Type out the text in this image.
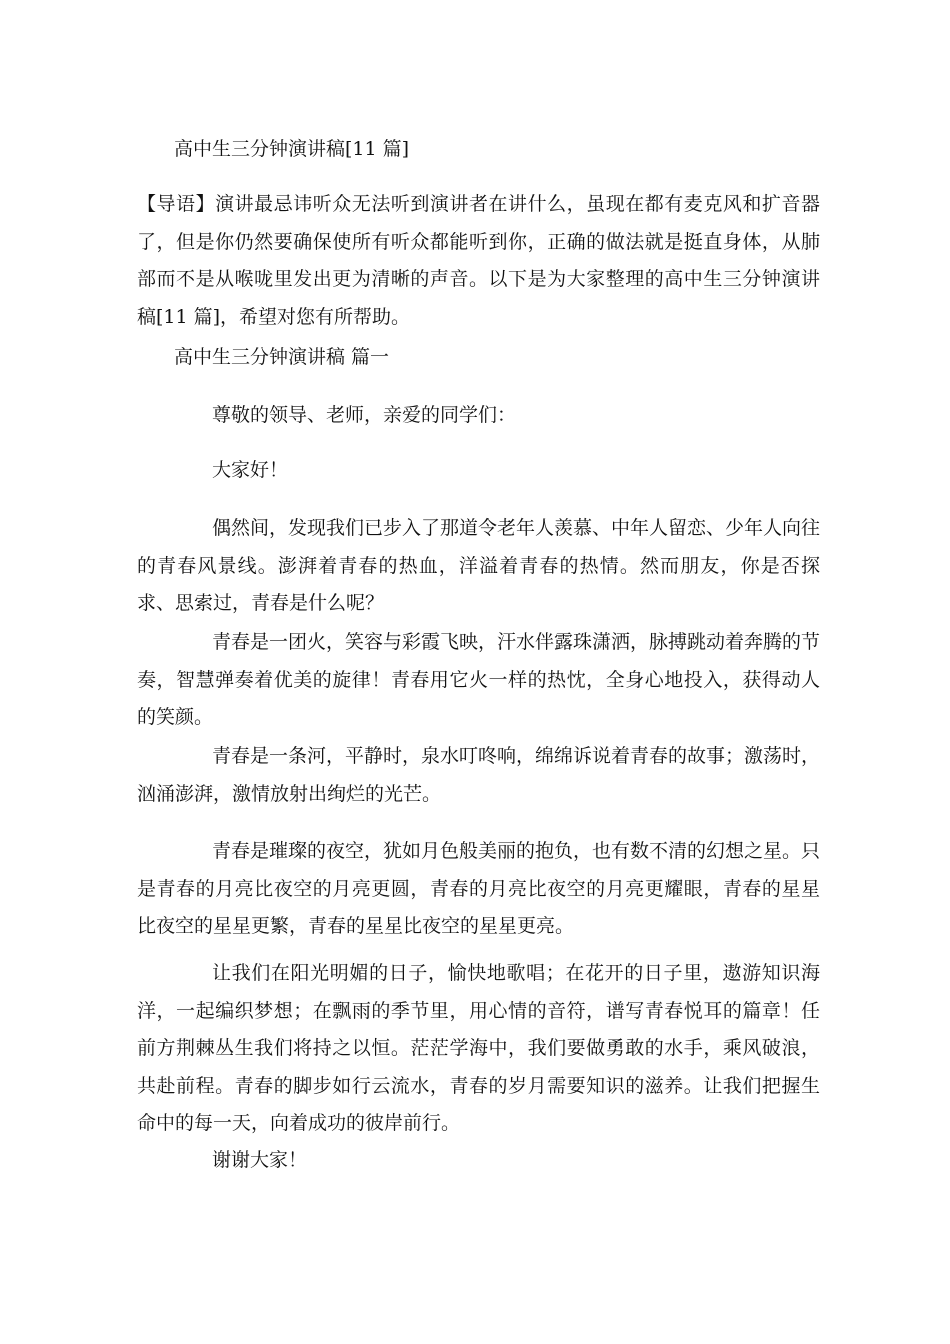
高中生三分钟演讲稿[11 篇]

【导语】演讲最忌讳听众无法听到演讲者在讲什么，虽现在都有麦克风和扩音器了，但是你仍然要确保使所有听众都能听到你，正确的做法就是挺直身体，从肺部而不是从喉咙里发出更为清晰的声音。以下是为大家整理的高中生三分钟演讲稿[11 篇]，希望对您有所帮助。

高中生三分钟演讲稿 篇一
尊敬的领导、老师，亲爱的同学们：
大家好！

偶然间，发现我们已步入了那道令老年人羡慕、中年人留恋、少年人向往的青春风景线。澎湃着青春的热血，洋溢着青春的热情。然而朋友，你是否探求、思索过，青春是什么呢？

青春是一团火，笑容与彩霞飞映，汗水伴露珠潇洒，脉搏跳动着奔腾的节奏，智慧弹奏着优美的旋律！青春用它火一样的热忱，全身心地投入，获得动人的笑颜。

青春是一条河，平静时，泉水叮咚响，绵绵诉说着青春的故事；激荡时，汹涌澎湃，激情放射出绚烂的光芒。

青春是璀璨的夜空，犹如月色般美丽的抱负，也有数不清的幻想之星。只是青春的月亮比夜空的月亮更圆，青春的月亮比夜空的月亮更耀眼，青春的星星比夜空的星星更繁，青春的星星比夜空的星星更亮。

让我们在阳光明媚的日子，愉快地歌唱；在花开的日子里，遨游知识海洋，一起编织梦想；在飘雨的季节里，用心情的音符，谱写青春悦耳的篇章！任前方荆棘丛生我们将持之以恒。茫茫学海中，我们要做勇敢的水手，乘风破浪，共赴前程。青春的脚步如行云流水，青春的岁月需要知识的滋养。让我们把握生命中的每一天，向着成功的彼岸前行。

谢谢大家！
